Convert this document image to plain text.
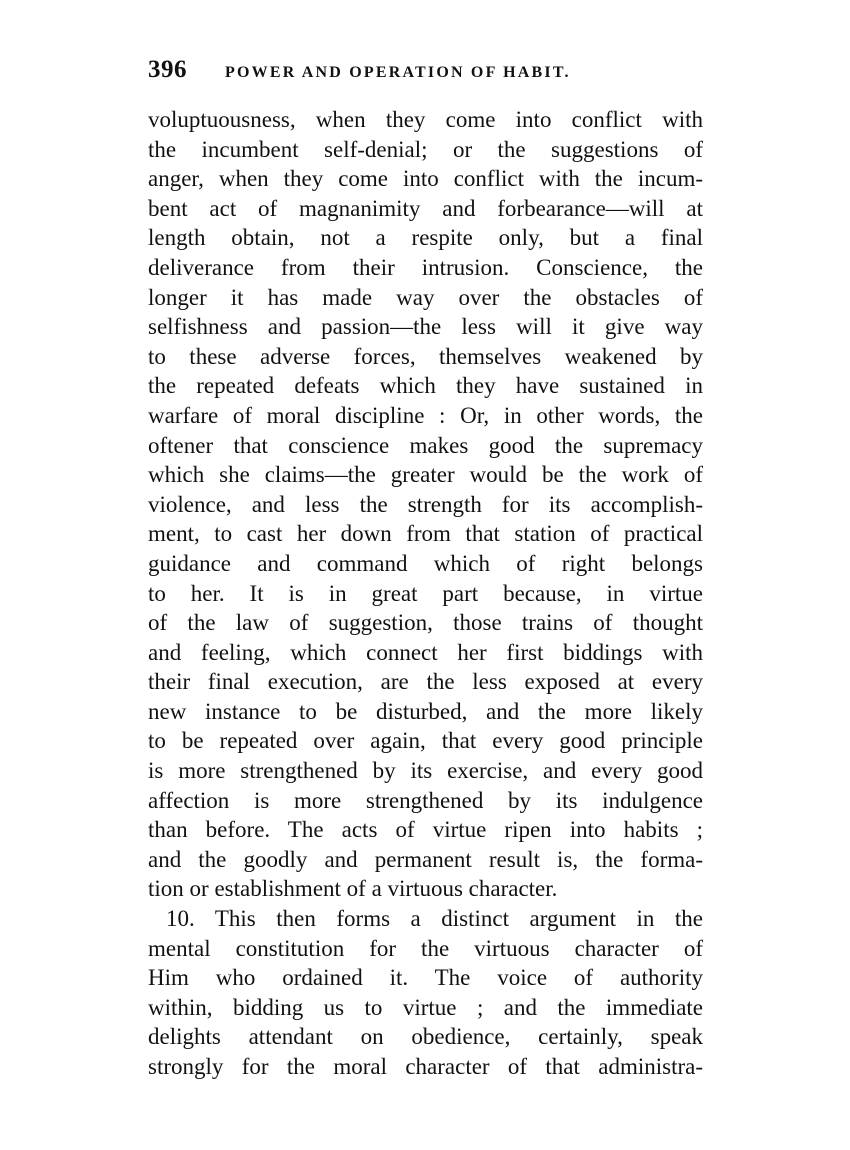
396 POWER AND OPERATION OF HABIT.
voluptuousness, when they come into conflict with
the incumbent self-denial; or the suggestions of
anger, when they come into conflict with the incum-
bent act of magnanimity and forbearance—will at
length obtain, not a respite only, but a final
deliverance from their intrusion. Conscience, the
longer it has made way over the obstacles of
selfishness and passion—the less will it give way
to these adverse forces, themselves weakened by
the repeated defeats which they have sustained in
warfare of moral discipline : Or, in other words, the
oftener that conscience makes good the supremacy
which she claims—the greater would be the work of
violence, and less the strength for its accomplish-
ment, to cast her down from that station of practical
guidance and command which of right belongs
to her. It is in great part because, in virtue
of the law of suggestion, those trains of thought
and feeling, which connect her first biddings with
their final execution, are the less exposed at every
new instance to be disturbed, and the more likely
to be repeated over again, that every good principle
is more strengthened by its exercise, and every good
affection is more strengthened by its indulgence
than before. The acts of virtue ripen into habits ;
and the goodly and permanent result is, the forma-
tion or establishment of a virtuous character.
10. This then forms a distinct argument in the
mental constitution for the virtuous character of
Him who ordained it. The voice of authority
within, bidding us to virtue ; and the immediate
delights attendant on obedience, certainly, speak
strongly for the moral character of that administra-
